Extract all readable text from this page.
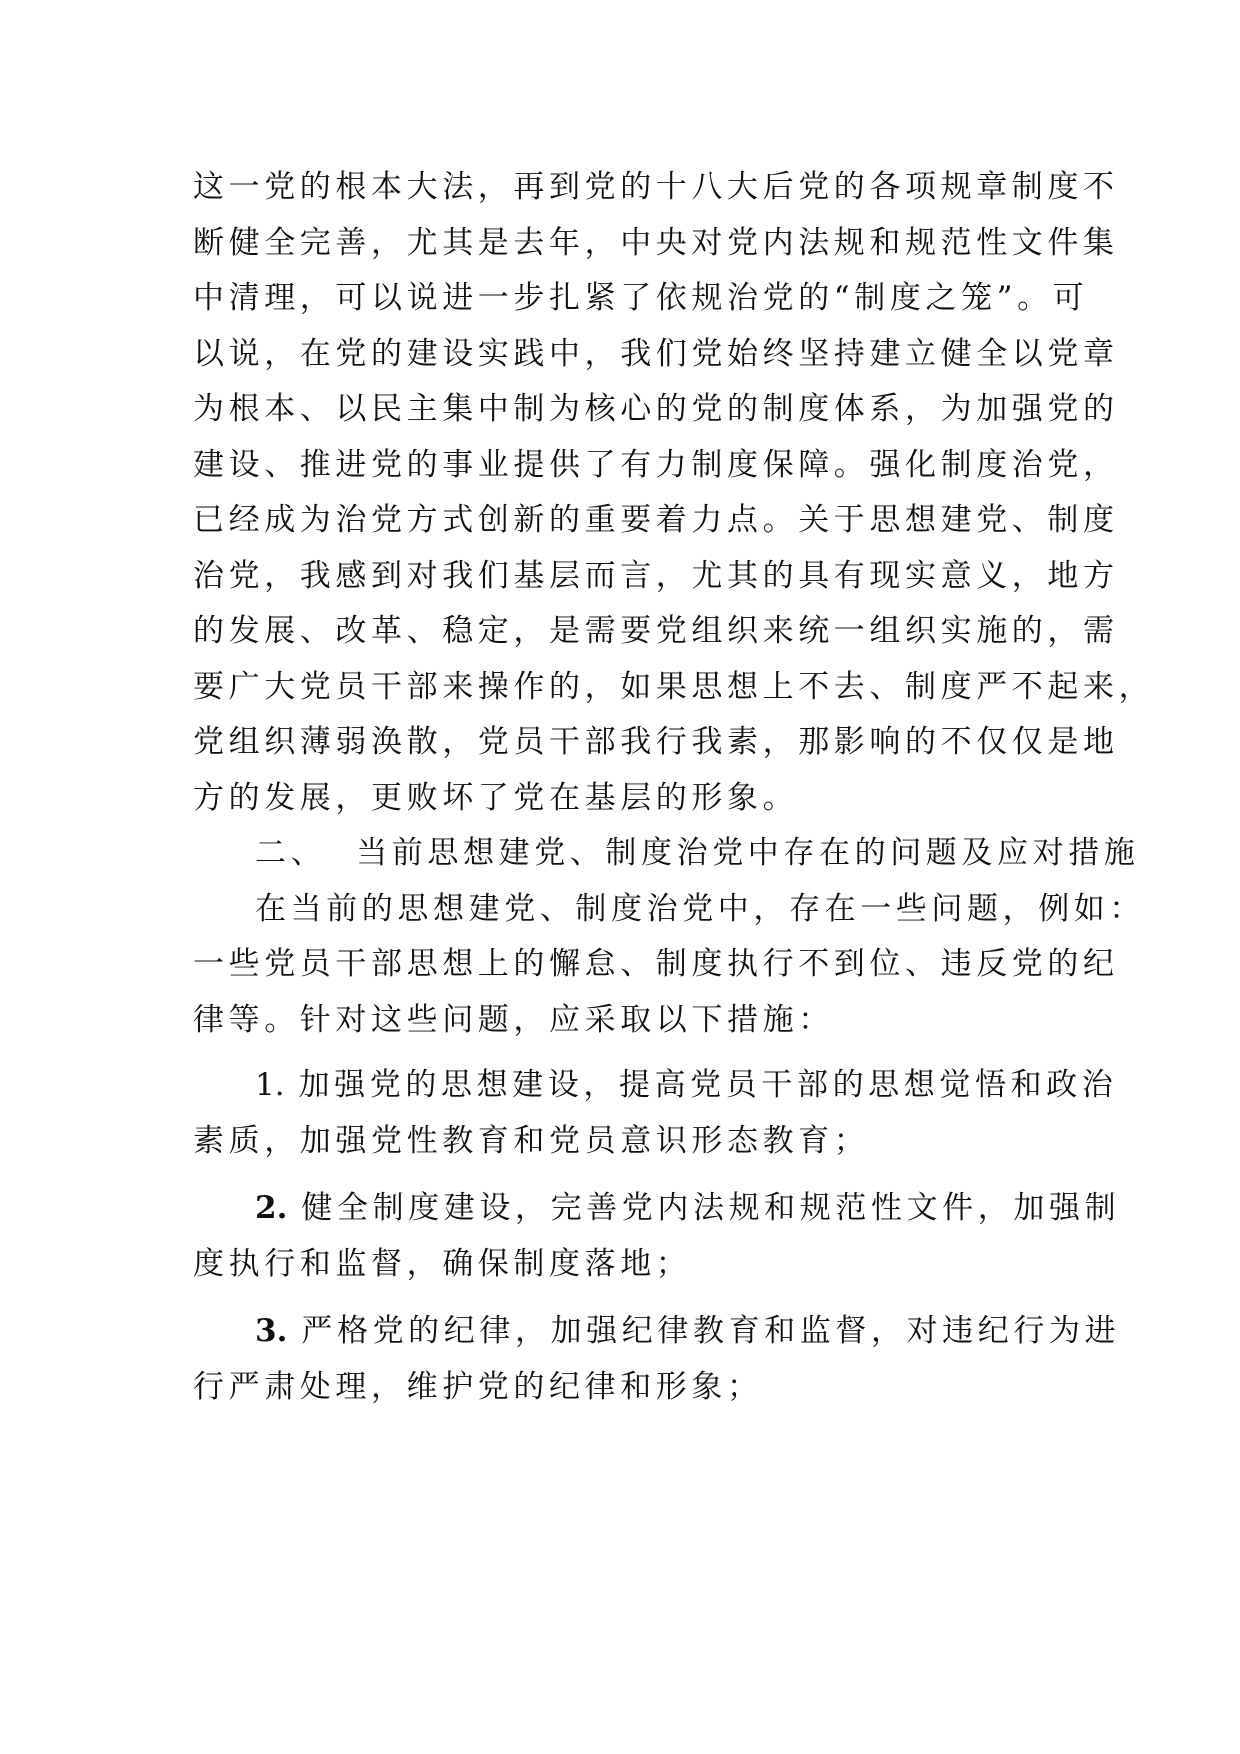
这一党的根本大法，再到党的十八大后党的各项规章制度不
断健全完善，尤其是去年，中央对党内法规和规范性文件集
中清理，可以说进一步扎紧了依规治党的“制度之笼”。可
以说，在党的建设实践中，我们党始终坚持建立健全以党章
为根本、以民主集中制为核心的党的制度体系，为加强党的
建设、推进党的事业提供了有力制度保障。强化制度治党，
已经成为治党方式创新的重要着力点。关于思想建党、制度
治党，我感到对我们基层而言，尤其的具有现实意义，地方
的发展、改革、稳定，是需要党组织来统一组织实施的，需
要广大党员干部来操作的，如果思想上不去、制度严不起来，
党组织薄弱涣散，党员干部我行我素，那影响的不仅仅是地
方的发展，更败坏了党在基层的形象。
二、 当前思想建党、制度治党中存在的问题及应对措施
在当前的思想建党、制度治党中，存在一些问题，例如：
一些党员干部思想上的懈怠、制度执行不到位、违反党的纪
律等。针对这些问题，应采取以下措施：
1. 加强党的思想建设，提高党员干部的思想觉悟和政治
素质，加强党性教育和党员意识形态教育；
2. 健全制度建设，完善党内法规和规范性文件，加强制
度执行和监督，确保制度落地；
3. 严格党的纪律，加强纪律教育和监督，对违纪行为进
行严肃处理，维护党的纪律和形象；
